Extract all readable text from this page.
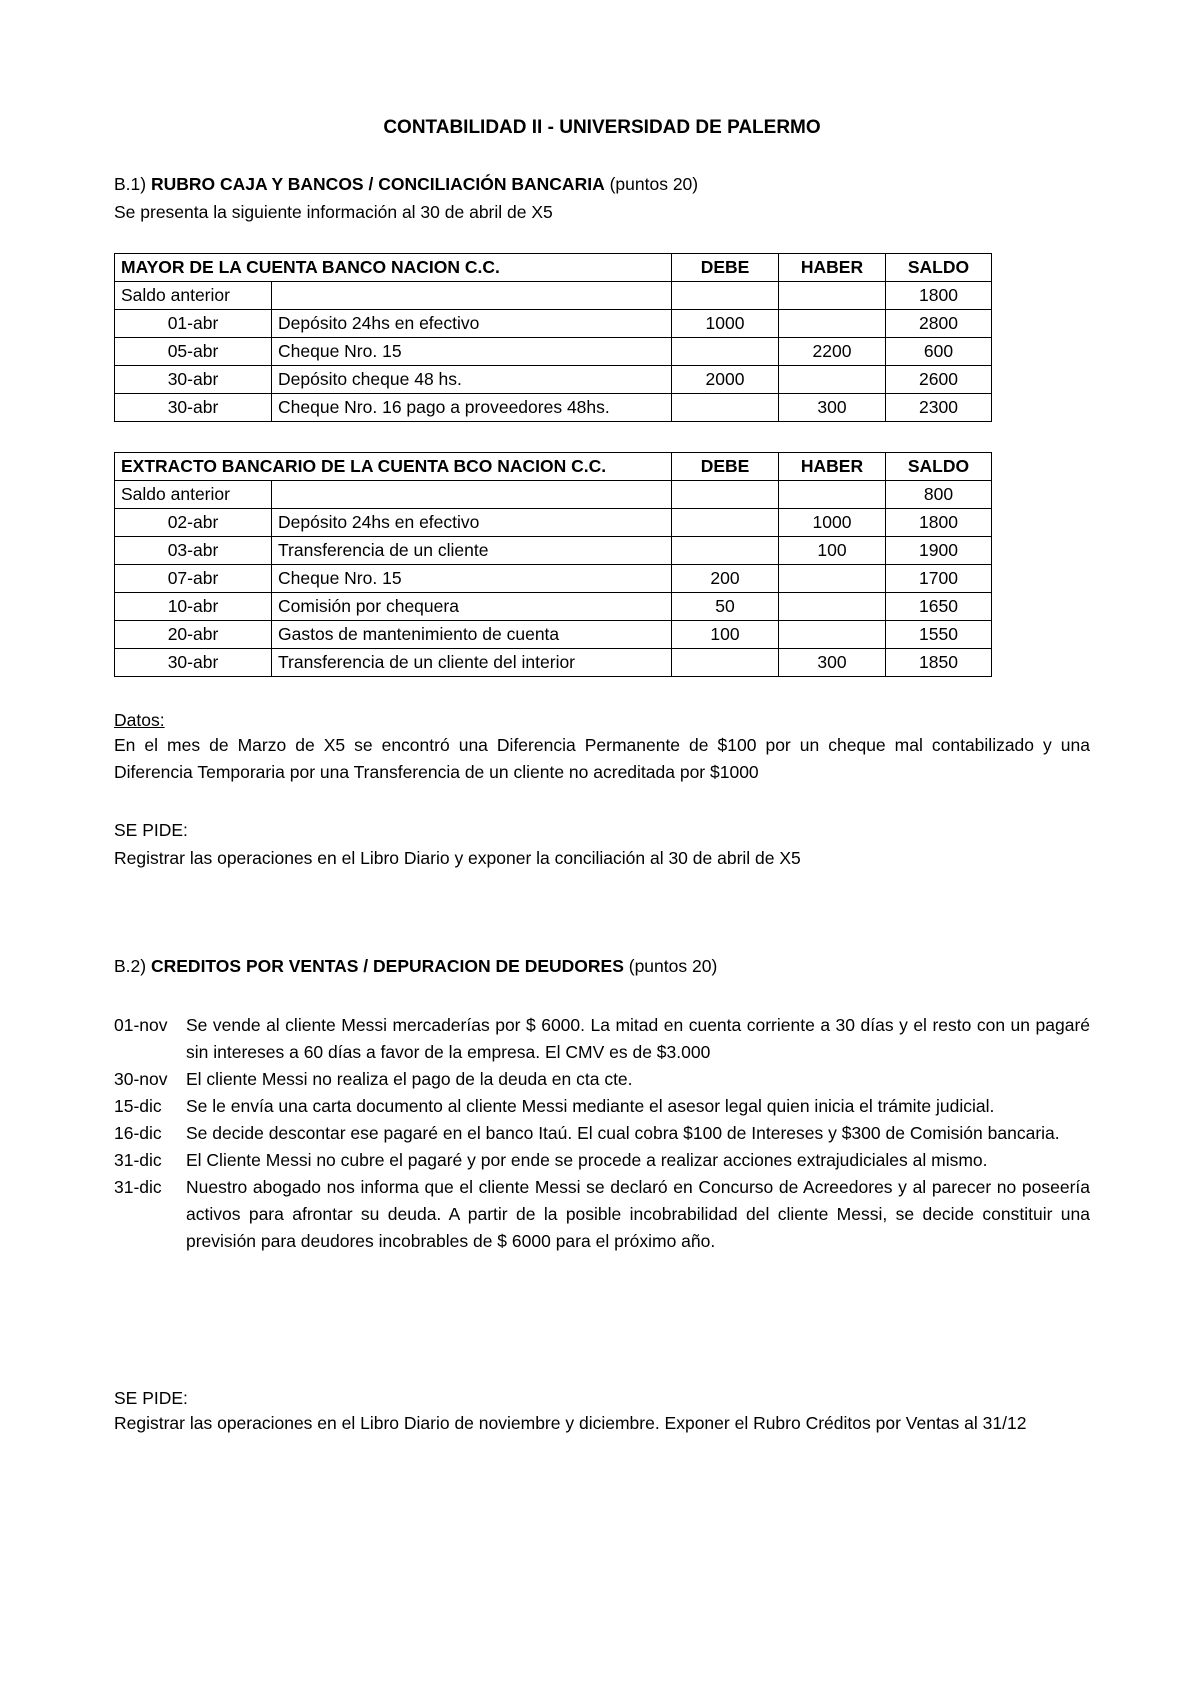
CONTABILIDAD II - UNIVERSIDAD DE PALERMO
B.1) RUBRO CAJA Y BANCOS / CONCILIACIÓN BANCARIA (puntos 20)
Se presenta la siguiente información al 30 de abril de X5
MAYOR DE LA CUENTA BANCO NACION C.C.		DEBE	HABER	SALDO
Saldo anterior				1800
01-abr	Depósito 24hs en efectivo	1000		2800
05-abr	Cheque Nro. 15		2200	600
30-abr	Depósito cheque 48 hs.	2000		2600
30-abr	Cheque Nro. 16 pago a proveedores 48hs.		300	2300
EXTRACTO BANCARIO DE LA CUENTA BCO NACION C.C.		DEBE	HABER	SALDO
Saldo anterior				800
02-abr	Depósito 24hs en efectivo		1000	1800
03-abr	Transferencia de un cliente		100	1900
07-abr	Cheque Nro. 15	200		1700
10-abr	Comisión por chequera	50		1650
20-abr	Gastos de mantenimiento de cuenta	100		1550
30-abr	Transferencia de un cliente del interior		300	1850
Datos:
En el mes de Marzo de X5 se encontró una Diferencia Permanente de $100 por un cheque mal contabilizado y una Diferencia Temporaria por una Transferencia de un cliente no acreditada por $1000
SE PIDE:
Registrar las operaciones en el Libro Diario y exponer la conciliación al 30 de abril de X5
B.2) CREDITOS POR VENTAS / DEPURACION DE DEUDORES (puntos 20)
01-nov	Se vende al cliente Messi mercaderías por $ 6000. La mitad en cuenta corriente a 30 días y el resto con un pagaré sin intereses a 60 días a favor de la empresa. El CMV es de $3.000
30-nov	El cliente Messi no realiza el pago de la deuda en cta cte.
15-dic	Se le envía una carta documento al cliente Messi mediante el asesor legal quien inicia el trámite judicial.
16-dic	Se decide descontar ese pagaré en el banco Itaú. El cual cobra $100 de Intereses y $300 de Comisión bancaria.
31-dic	El Cliente Messi no cubre el pagaré y por ende se procede a realizar acciones extrajudiciales al mismo.
31-dic	Nuestro abogado nos informa que el cliente Messi se declaró en Concurso de Acreedores y al parecer no poseería activos para afrontar su deuda. A partir de la posible incobrabilidad del cliente Messi, se decide constituir una previsión para deudores incobrables de $ 6000 para el próximo año.
SE PIDE:
Registrar las operaciones en el Libro Diario de noviembre y diciembre. Exponer el Rubro Créditos por Ventas al 31/12
